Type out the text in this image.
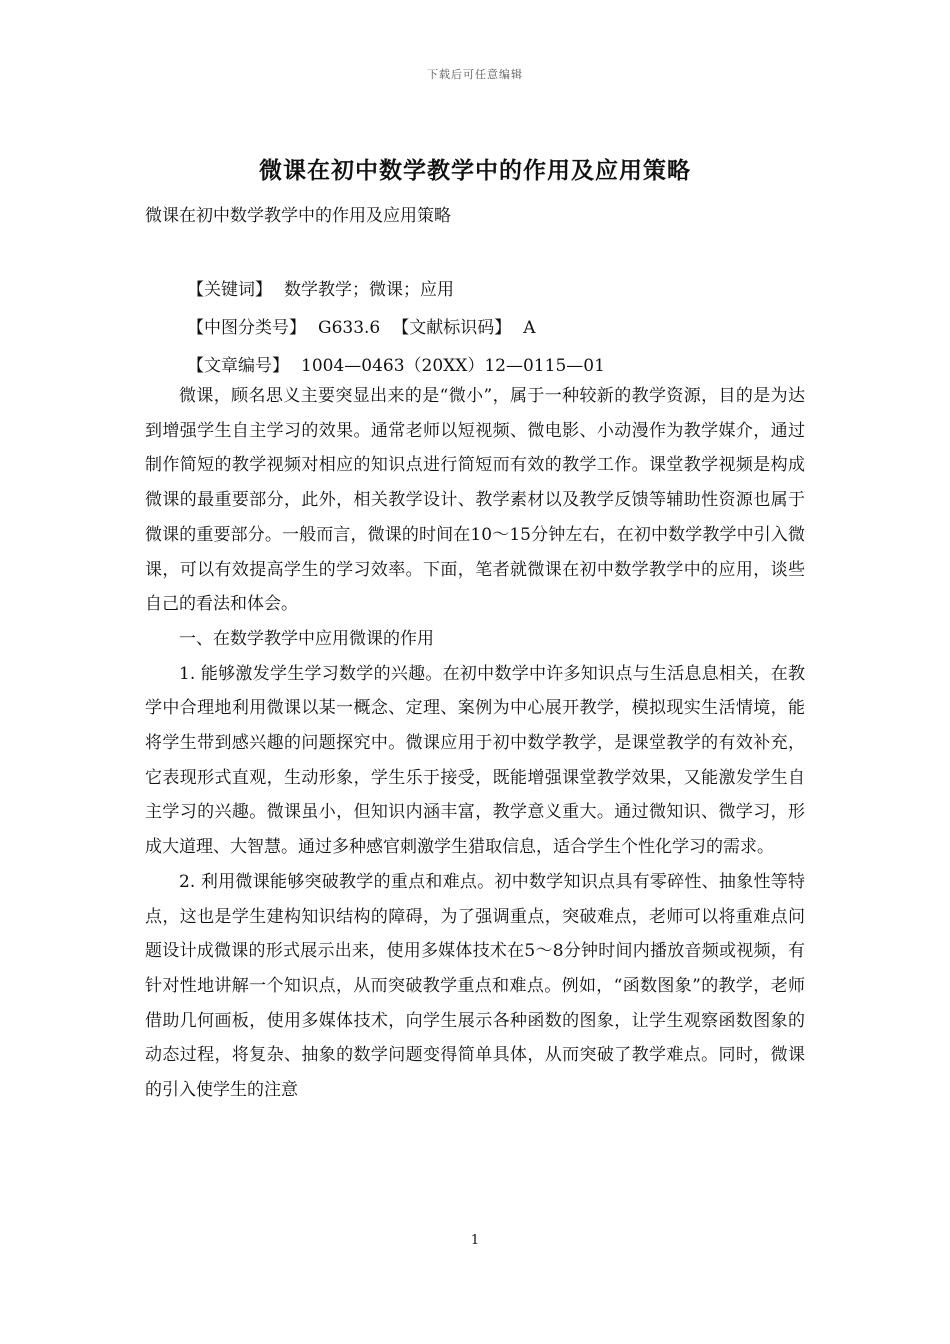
下载后可任意编辑
微课在初中数学教学中的作用及应用策略
微课在初中数学教学中的作用及应用策略
【关键词】 数学教学；微课；应用
【中图分类号】 G633.6 【文献标识码】 A
【文章编号】 1004—0463（20XX）12—0115—01

微课，顾名思义主要突显出来的是“微小”，属于一种较新的教学资源，目的是为达到增强学生自主学习的效果。通常老师以短视频、微电影、小动漫作为教学媒介，通过制作简短的教学视频对相应的知识点进行简短而有效的教学工作。课堂教学视频是构成微课的最重要部分，此外，相关教学设计、教学素材以及教学反馈等辅助性资源也属于微课的重要部分。一般而言，微课的时间在10～15分钟左右，在初中数学教学中引入微课，可以有效提高学生的学习效率。下面，笔者就微课在初中数学教学中的应用，谈些自己的看法和体会。

一、在数学教学中应用微课的作用

1. 能够激发学生学习数学的兴趣。在初中数学中许多知识点与生活息息相关，在教学中合理地利用微课以某一概念、定理、案例为中心展开教学，模拟现实生活情境，能将学生带到感兴趣的问题探究中。微课应用于初中数学教学，是课堂教学的有效补充，它表现形式直观，生动形象，学生乐于接受，既能增强课堂教学效果，又能激发学生自主学习的兴趣。微课虽小，但知识内涵丰富，教学意义重大。通过微知识、微学习，形成大道理、大智慧。通过多种感官刺激学生猎取信息，适合学生个性化学习的需求。

2. 利用微课能够突破教学的重点和难点。初中数学知识点具有零碎性、抽象性等特点，这也是学生建构知识结构的障碍，为了强调重点，突破难点，老师可以将重难点问题设计成微课的形式展示出来，使用多媒体技术在5～8分钟时间内播放音频或视频，有针对性地讲解一个知识点，从而突破教学重点和难点。例如，“函数图象”的教学，老师借助几何画板，使用多媒体技术，向学生展示各种函数的图象，让学生观察函数图象的动态过程，将复杂、抽象的数学问题变得简单具体，从而突破了教学难点。同时，微课的引入使学生的注意

1
